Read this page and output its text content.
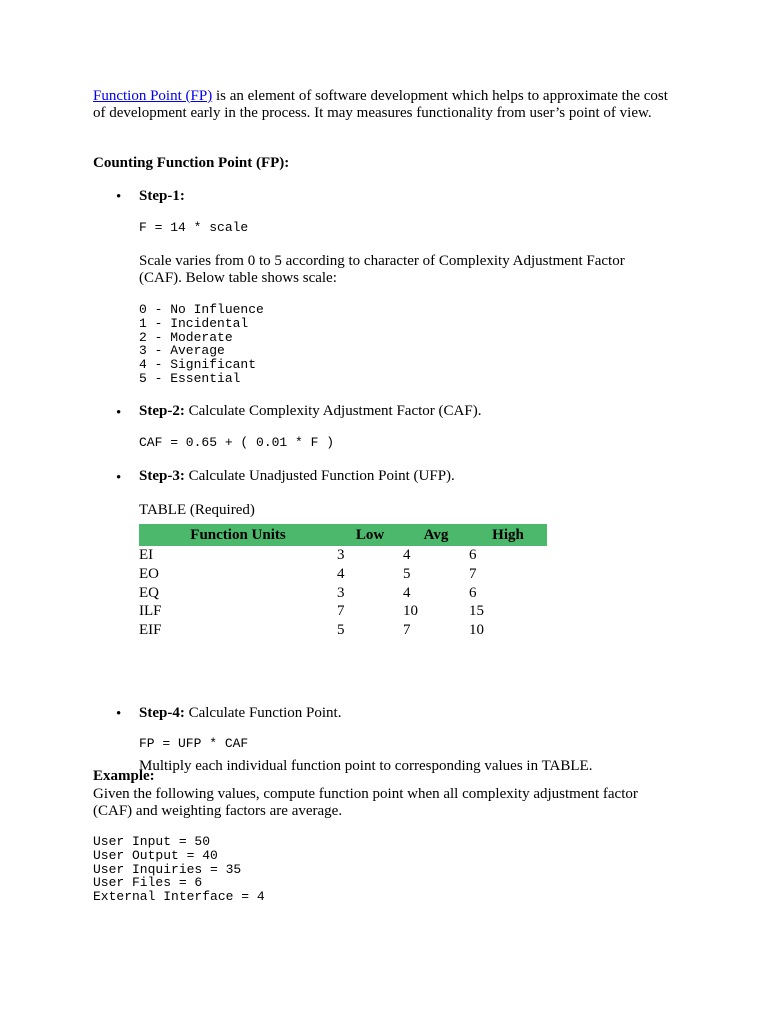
Function Point (FP) is an element of software development which helps to approximate the cost of development early in the process. It may measures functionality from user’s point of view.

Counting Function Point (FP):

• Step-1:

F = 14 * scale

Scale varies from 0 to 5 according to character of Complexity Adjustment Factor (CAF). Below table shows scale:

0 - No Influence
1 - Incidental
2 - Moderate
3 - Average
4 - Significant
5 - Essential
• Step-2: Calculate Complexity Adjustment Factor (CAF).

CAF = 0.65 + ( 0.01 * F )
• Step-3: Calculate Unadjusted Function Point (UFP).

TABLE (Required)

Function Units	Low	Avg	High
EI	3	4	6
EO	4	5	7
EQ	3	4	6
ILF	7	10	15
EIF	5	7	10

Multiply each individual function point to corresponding values in TABLE.

• Step-4: Calculate Function Point.

FP = UFP * CAF

Example:

Given the following values, compute function point when all complexity adjustment factor (CAF) and weighting factors are average.

User Input = 50
User Output = 40
User Inquiries = 35
User Files = 6
External Interface = 4
